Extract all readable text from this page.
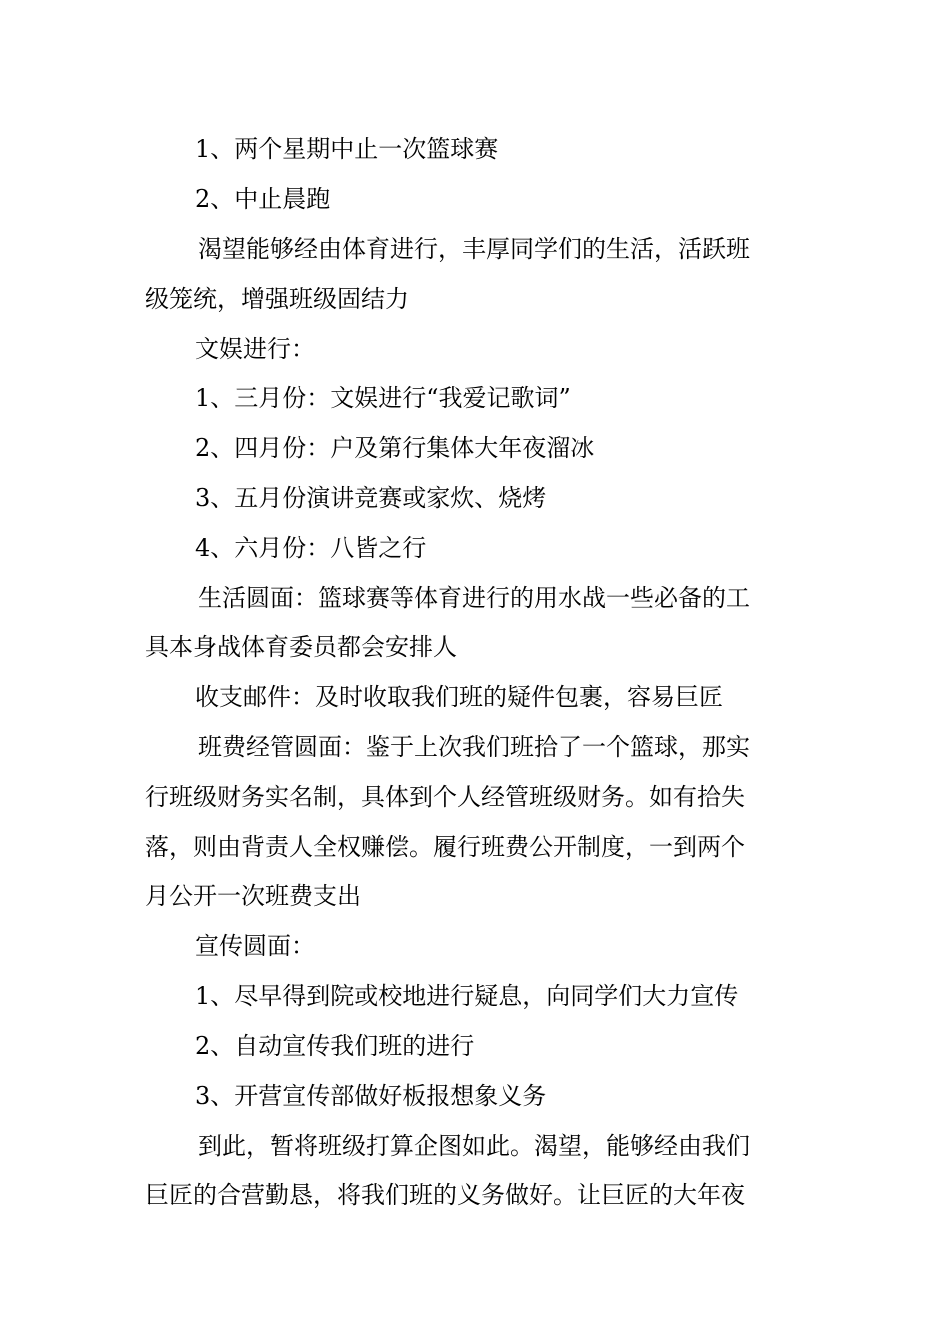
1、两个星期中止一次篮球赛
2、中止晨跑
渴望能够经由体育进行，丰厚同学们的生活，活跃班
级笼统，增强班级固结力
文娱进行：
1、三月份：文娱进行“我爱记歌词”
2、四月份：户及第行集体大年夜溜冰
3、五月份演讲竞赛或家炊、烧烤
4、六月份：八皆之行
生活圆面：篮球赛等体育进行的用水战一些必备的工
具本身战体育委员都会安排人
收支邮件：及时收取我们班的疑件包裹，容易巨匠
班费经管圆面：鉴于上次我们班拾了一个篮球，那实
行班级财务实名制，具体到个人经管班级财务。如有拾失
落，则由背责人全权赚偿。履行班费公开制度，一到两个
月公开一次班费支出
宣传圆面：
1、尽早得到院或校地进行疑息，向同学们大力宣传
2、自动宣传我们班的进行
3、开营宣传部做好板报想象义务
到此，暂将班级打算企图如此。渴望，能够经由我们
巨匠的合营勤恳，将我们班的义务做好。让巨匠的大年夜
